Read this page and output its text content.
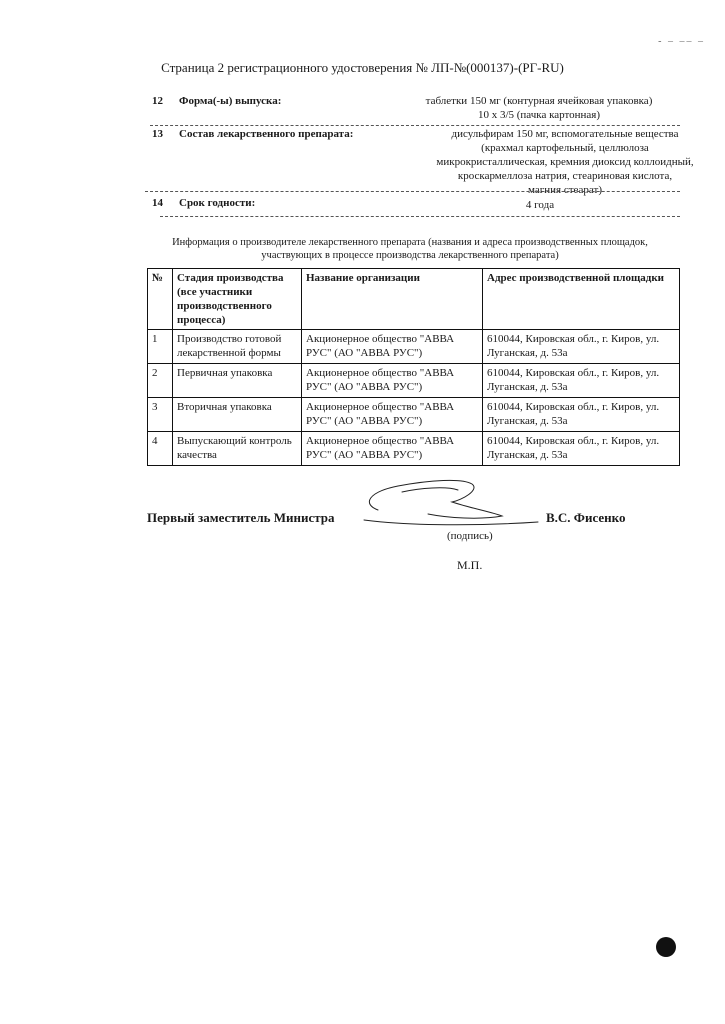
- – –– –
Страница 2 регистрационного удостоверения № ЛП-№(000137)-(РГ-RU)
12 Форма(-ы) выпуска:	таблетки 150 мг (контурная ячейковая упаковка)
10 х 3/5 (пачка картонная)
13 Состав лекарственного препарата:	дисульфирам 150 мг, вспомогательные вещества
(крахмал картофельный, целлюлоза
микрокристаллическая, кремния диоксид коллоидный,
кроскармеллоза натрия, стеариновая кислота,
магния стеарат)
14 Срок годности:	4 года
Информация о производителе лекарственного препарата (названия и адреса производственных площадок,
участвующих в процессе производства лекарственного препарата)
№	Стадия производства (все участники производственного процесса)	Название организации	Адрес производственной площадки
1	Производство готовой лекарственной формы	Акционерное общество "АВВА РУС" (АО "АВВА РУС")	610044, Кировская обл., г. Киров, ул. Луганская, д. 53а
2	Первичная упаковка	Акционерное общество "АВВА РУС" (АО "АВВА РУС")	610044, Кировская обл., г. Киров, ул. Луганская, д. 53а
3	Вторичная упаковка	Акционерное общество "АВВА РУС" (АО "АВВА РУС")	610044, Кировская обл., г. Киров, ул. Луганская, д. 53а
4	Выпускающий контроль качества	Акционерное общество "АВВА РУС" (АО "АВВА РУС")	610044, Кировская обл., г. Киров, ул. Луганская, д. 53а
Первый заместитель Министра	В.С. Фисенко
(подпись)
М.П.
